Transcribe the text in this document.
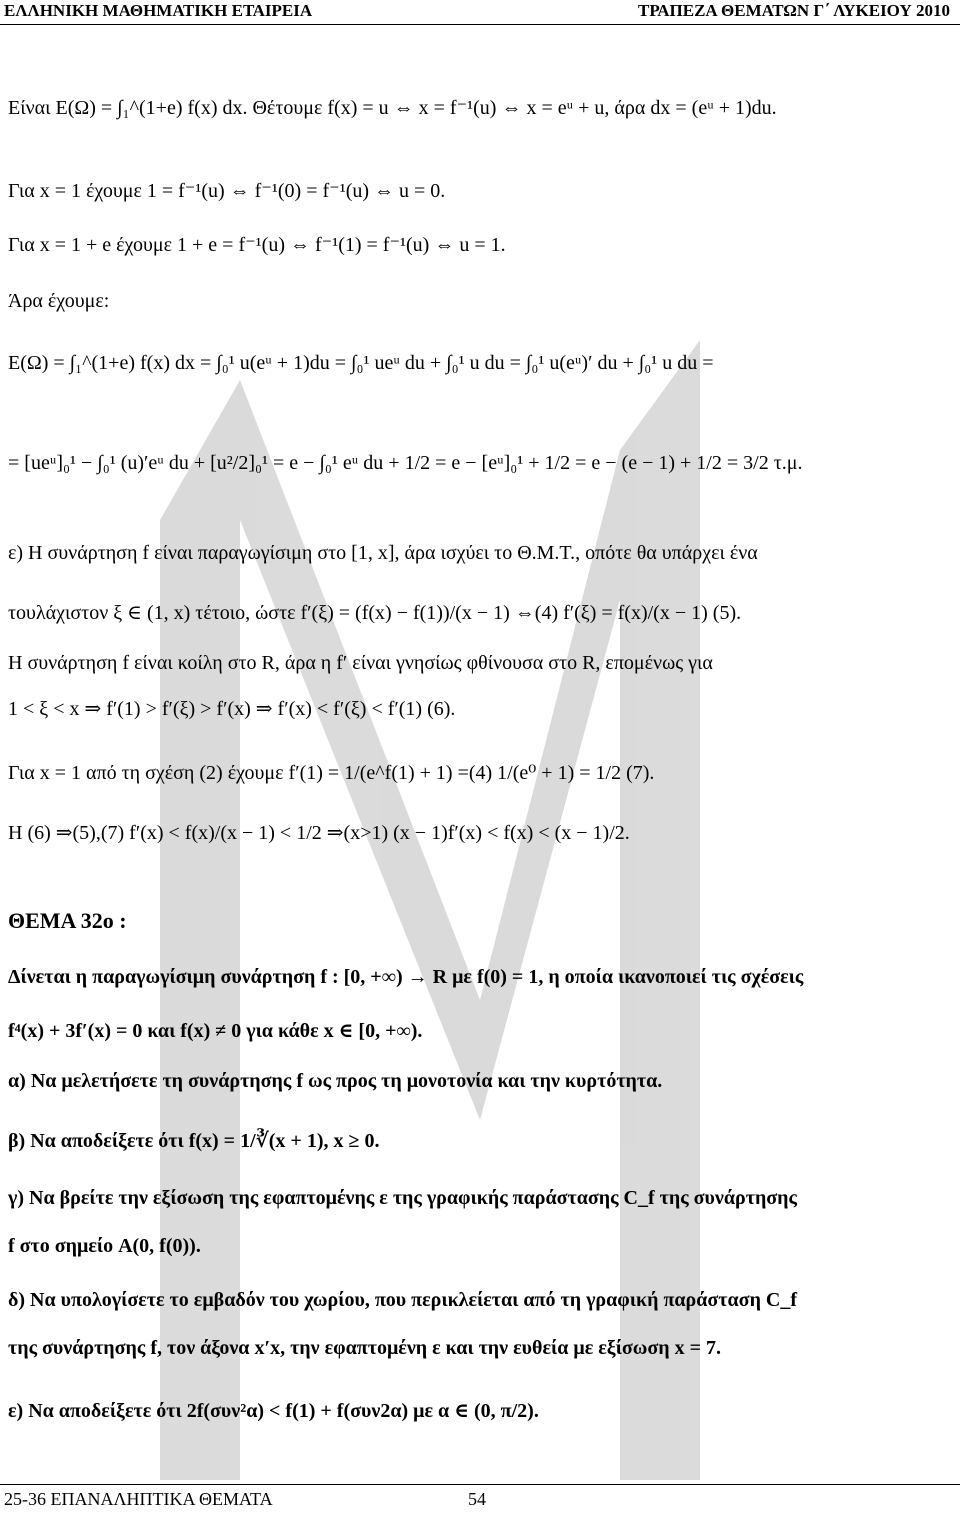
ΕΛΛΗΝΙΚΗ ΜΑΘΗΜΑΤΙΚΗ ΕΤΑΙΡΕΙΑ	ΤΡΑΠΕΖΑ ΘΕΜΑΤΩΝ Γ΄ ΛΥΚΕΙΟΥ 2010
Είναι E(Ω) = ∫₁^(1+e) f(x) dx. Θέτουμε f(x) = u ⇔ x = f⁻¹(u) ⇔ x = eᵘ + u, άρα dx = (eᵘ + 1)du.
Για x = 1 έχουμε 1 = f⁻¹(u) ⇔ f⁻¹(0) = f⁻¹(u) ⇔ u = 0.
Για x = 1 + e έχουμε 1 + e = f⁻¹(u) ⇔ f⁻¹(1) = f⁻¹(u) ⇔ u = 1.
Άρα έχουμε:
E(Ω) = ∫₁^(1+e) f(x) dx = ∫₀¹ u(eᵘ + 1)du = ∫₀¹ ueᵘ du + ∫₀¹ u du = ∫₀¹ u(eᵘ)′ du + ∫₀¹ u du =
= [ueᵘ]₀¹ − ∫₀¹ (u)′eᵘ du + [u²/2]₀¹ = e − ∫₀¹ eᵘ du + 1/2 = e − [eᵘ]₀¹ + 1/2 = e − (e − 1) + 1/2 = 3/2 τ.μ.
ε) Η συνάρτηση f είναι παραγωγίσιμη στο [1, x], άρα ισχύει το Θ.Μ.Τ., οπότε θα υπάρχει ένα
τουλάχιστον ξ ∈ (1, x) τέτοιο, ώστε f′(ξ) = (f(x) − f(1))/(x − 1) ⇔(4) f′(ξ) = f(x)/(x − 1) (5).
Η συνάρτηση f είναι κοίλη στο R, άρα η f′ είναι γνησίως φθίνουσα στο R, επομένως για
1 < ξ < x ⇒ f′(1) > f′(ξ) > f′(x) ⇒ f′(x) < f′(ξ) < f′(1) (6).
Για x = 1 από τη σχέση (2) έχουμε f′(1) = 1/(e^f(1) + 1) =(4) 1/(e⁰ + 1) = 1/2 (7).
Η (6) ⇒(5),(7) f′(x) < f(x)/(x − 1) < 1/2 ⇒(x>1) (x − 1)f′(x) < f(x) < (x − 1)/2.
ΘΕΜΑ 32ο :
Δίνεται η παραγωγίσιμη συνάρτηση f : [0, +∞) → R με f(0) = 1, η οποία ικανοποιεί τις σχέσεις
f⁴(x) + 3f′(x) = 0 και f(x) ≠ 0 για κάθε x ∈ [0, +∞).
α) Να μελετήσετε τη συνάρτησης f ως προς τη μονοτονία και την κυρτότητα.
β) Να αποδείξετε ότι f(x) = 1/∛(x + 1), x ≥ 0.
γ) Να βρείτε την εξίσωση της εφαπτομένης ε της γραφικής παράστασης C_f της συνάρτησης
f στο σημείο A(0, f(0)).
δ) Να υπολογίσετε το εμβαδόν του χωρίου, που περικλείεται από τη γραφική παράσταση C_f
της συνάρτησης f, τον άξονα x′x, την εφαπτομένη ε και την ευθεία με εξίσωση x = 7.
ε) Να αποδείξετε ότι 2f(συν²α) < f(1) + f(συν2α) με α ∈ (0, π/2).
25-36 ΕΠΑΝΑΛΗΠΤΙΚΑ ΘΕΜΑΤΑ	54
